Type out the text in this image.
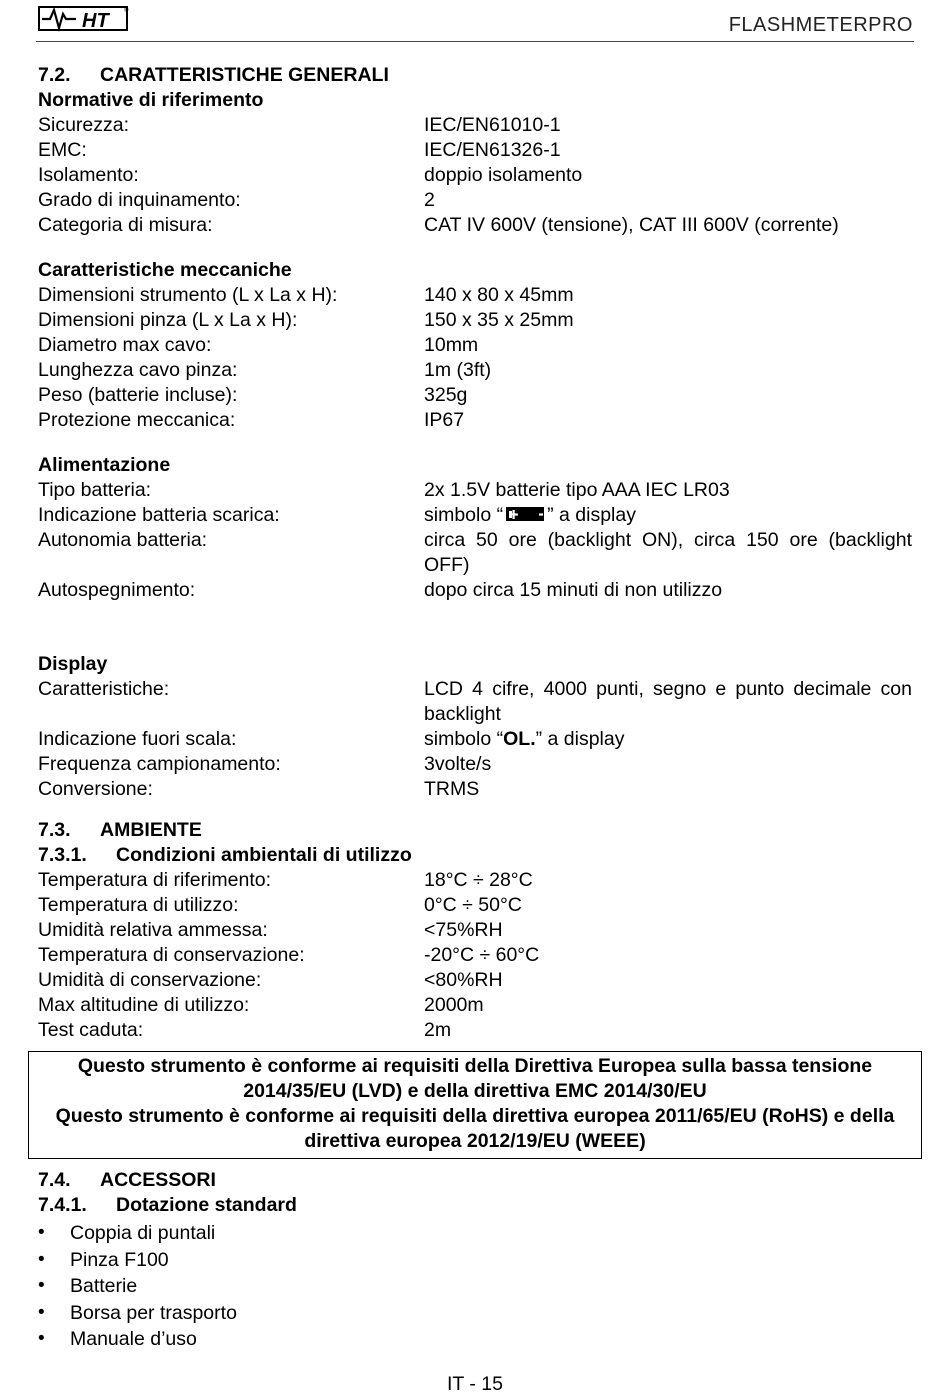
HT	®
FLASHMETERPRO
7.2. CARATTERISTICHE GENERALI
Normative di riferimento
Sicurezza:	IEC/EN61010-1
EMC:	IEC/EN61326-1
Isolamento:	doppio isolamento
Grado di inquinamento:	2
Categoria di misura:	CAT IV 600V (tensione), CAT III 600V (corrente)
Caratteristiche meccaniche
Dimensioni strumento (L x La x H):	140 x 80 x 45mm
Dimensioni pinza (L x La x H):	150 x 35 x 25mm
Diametro max cavo:	10mm
Lunghezza cavo pinza:	1m (3ft)
Peso (batterie incluse):	325g
Protezione meccanica:	IP67
Alimentazione
Tipo batteria:	2x 1.5V batterie tipo AAA IEC LR03
Indicazione batteria scarica:	simbolo “ ” a display
Autonomia batteria:	circa 50 ore (backlight ON), circa 150 ore (backlight OFF)
Autospegnimento:	dopo circa 15 minuti di non utilizzo
Display
Caratteristiche:	LCD 4 cifre, 4000 punti, segno e punto decimale con backlight
Indicazione fuori scala:	simbolo “OL.” a display
Frequenza campionamento:	3volte/s
Conversione:	TRMS
7.3. AMBIENTE
7.3.1. Condizioni ambientali di utilizzo
Temperatura di riferimento:	18°C ÷ 28°C
Temperatura di utilizzo:	0°C ÷ 50°C
Umidità relativa ammessa:	<75%RH
Temperatura di conservazione:	-20°C ÷ 60°C
Umidità di conservazione:	<80%RH
Max altitudine di utilizzo:	2000m
Test caduta:	2m
Questo strumento è conforme ai requisiti della Direttiva Europea sulla bassa tensione 2014/35/EU (LVD) e della direttiva EMC 2014/30/EU
Questo strumento è conforme ai requisiti della direttiva europea 2011/65/EU (RoHS) e della direttiva europea 2012/19/EU (WEEE)
7.4. ACCESSORI
7.4.1. Dotazione standard
• Coppia di puntali
• Pinza F100
• Batterie
• Borsa per trasporto
• Manuale d’uso
IT - 15
